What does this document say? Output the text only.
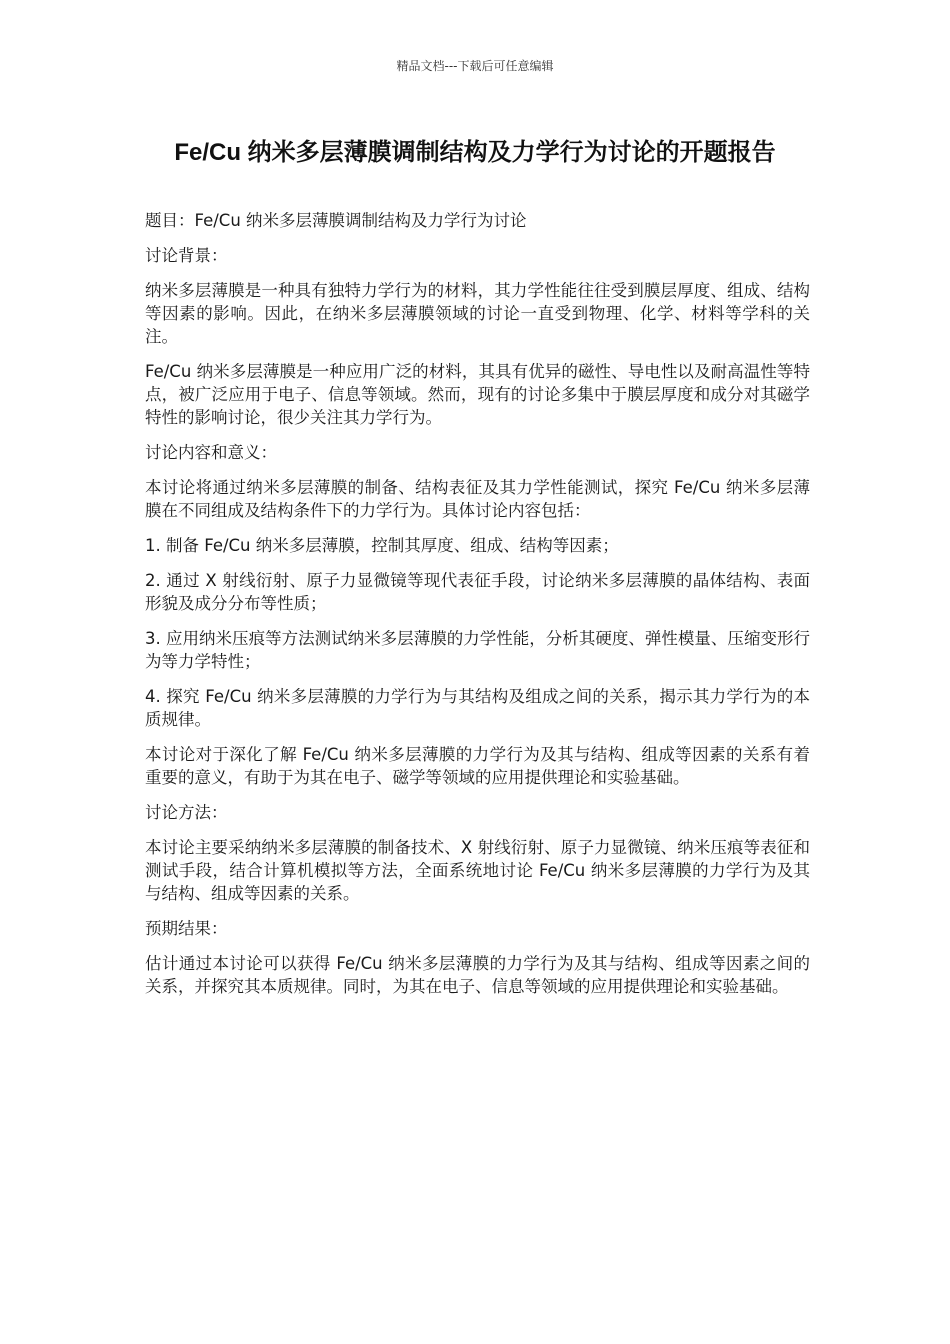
精品文档---下载后可任意编辑
Fe/Cu 纳米多层薄膜调制结构及力学行为讨论的开题报告

题目：Fe/Cu 纳米多层薄膜调制结构及力学行为讨论

讨论背景：

纳米多层薄膜是一种具有独特力学行为的材料，其力学性能往往受到膜层厚度、组成、结构等因素的影响。因此，在纳米多层薄膜领域的讨论一直受到物理、化学、材料等学科的关注。

Fe/Cu 纳米多层薄膜是一种应用广泛的材料，其具有优异的磁性、导电性以及耐高温性等特点，被广泛应用于电子、信息等领域。然而，现有的讨论多集中于膜层厚度和成分对其磁学特性的影响讨论，很少关注其力学行为。

讨论内容和意义：

本讨论将通过纳米多层薄膜的制备、结构表征及其力学性能测试，探究 Fe/Cu 纳米多层薄膜在不同组成及结构条件下的力学行为。具体讨论内容包括：

1. 制备 Fe/Cu 纳米多层薄膜，控制其厚度、组成、结构等因素；

2. 通过 X 射线衍射、原子力显微镜等现代表征手段，讨论纳米多层薄膜的晶体结构、表面形貌及成分分布等性质；

3. 应用纳米压痕等方法测试纳米多层薄膜的力学性能，分析其硬度、弹性模量、压缩变形行为等力学特性；

4. 探究 Fe/Cu 纳米多层薄膜的力学行为与其结构及组成之间的关系，揭示其力学行为的本质规律。

本讨论对于深化了解 Fe/Cu 纳米多层薄膜的力学行为及其与结构、组成等因素的关系有着重要的意义，有助于为其在电子、磁学等领域的应用提供理论和实验基础。

讨论方法：

本讨论主要采纳纳米多层薄膜的制备技术、X 射线衍射、原子力显微镜、纳米压痕等表征和测试手段，结合计算机模拟等方法，全面系统地讨论 Fe/Cu 纳米多层薄膜的力学行为及其与结构、组成等因素的关系。

预期结果：

估计通过本讨论可以获得 Fe/Cu 纳米多层薄膜的力学行为及其与结构、组成等因素之间的关系，并探究其本质规律。同时，为其在电子、信息等领域的应用提供理论和实验基础。
